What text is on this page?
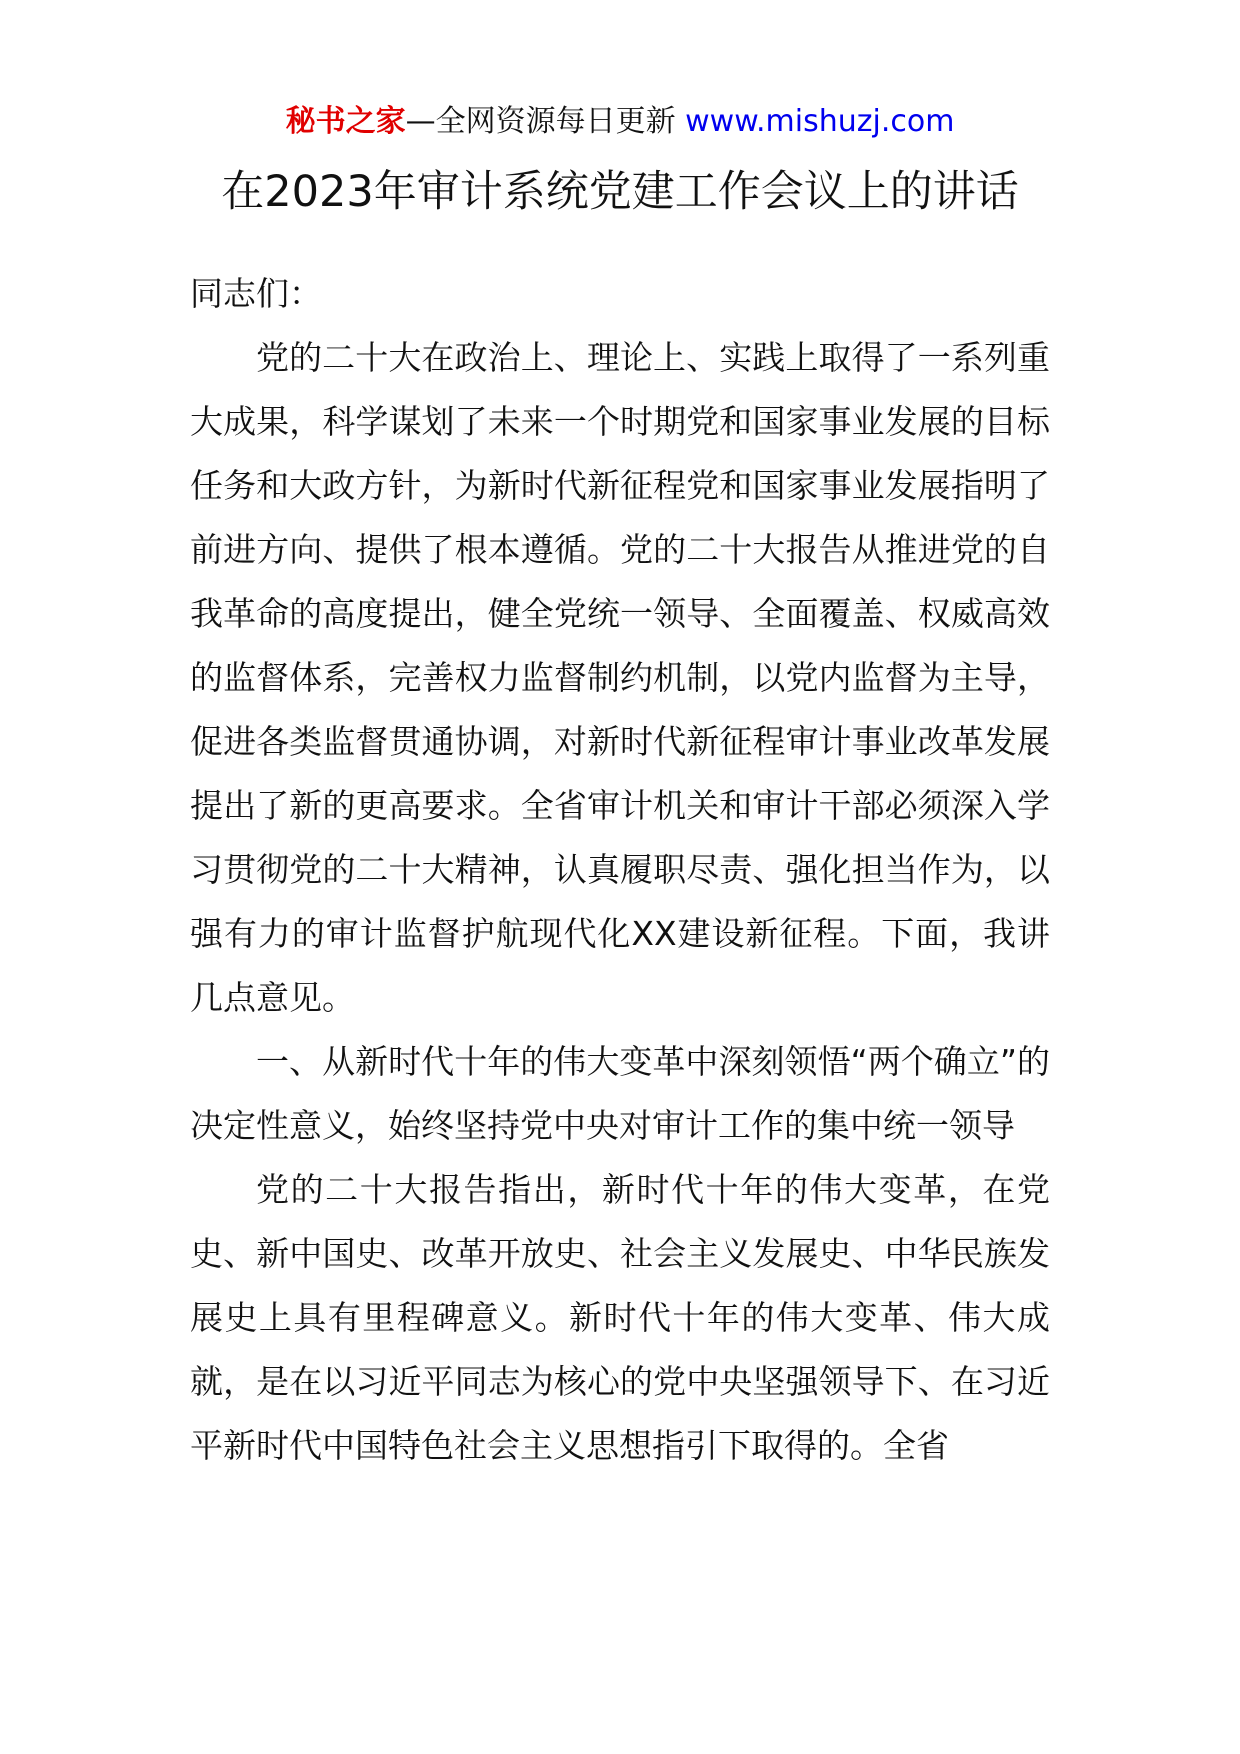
秘书之家—全网资源每日更新 www.mishuzj.com
在2023年审计系统党建工作会议上的讲话

同志们：

党的二十大在政治上、理论上、实践上取得了一系列重大成果，科学谋划了未来一个时期党和国家事业发展的目标任务和大政方针，为新时代新征程党和国家事业发展指明了前进方向、提供了根本遵循。党的二十大报告从推进党的自我革命的高度提出，健全党统一领导、全面覆盖、权威高效的监督体系，完善权力监督制约机制，以党内监督为主导，促进各类监督贯通协调，对新时代新征程审计事业改革发展提出了新的更高要求。全省审计机关和审计干部必须深入学习贯彻党的二十大精神，认真履职尽责、强化担当作为，以强有力的审计监督护航现代化XX建设新征程。下面，我讲几点意见。

一、从新时代十年的伟大变革中深刻领悟“两个确立”的决定性意义，始终坚持党中央对审计工作的集中统一领导

党的二十大报告指出，新时代十年的伟大变革，在党史、新中国史、改革开放史、社会主义发展史、中华民族发展史上具有里程碑意义。新时代十年的伟大变革、伟大成就，是在以习近平同志为核心的党中央坚强领导下、在习近平新时代中国特色社会主义思想指引下取得的。全省
